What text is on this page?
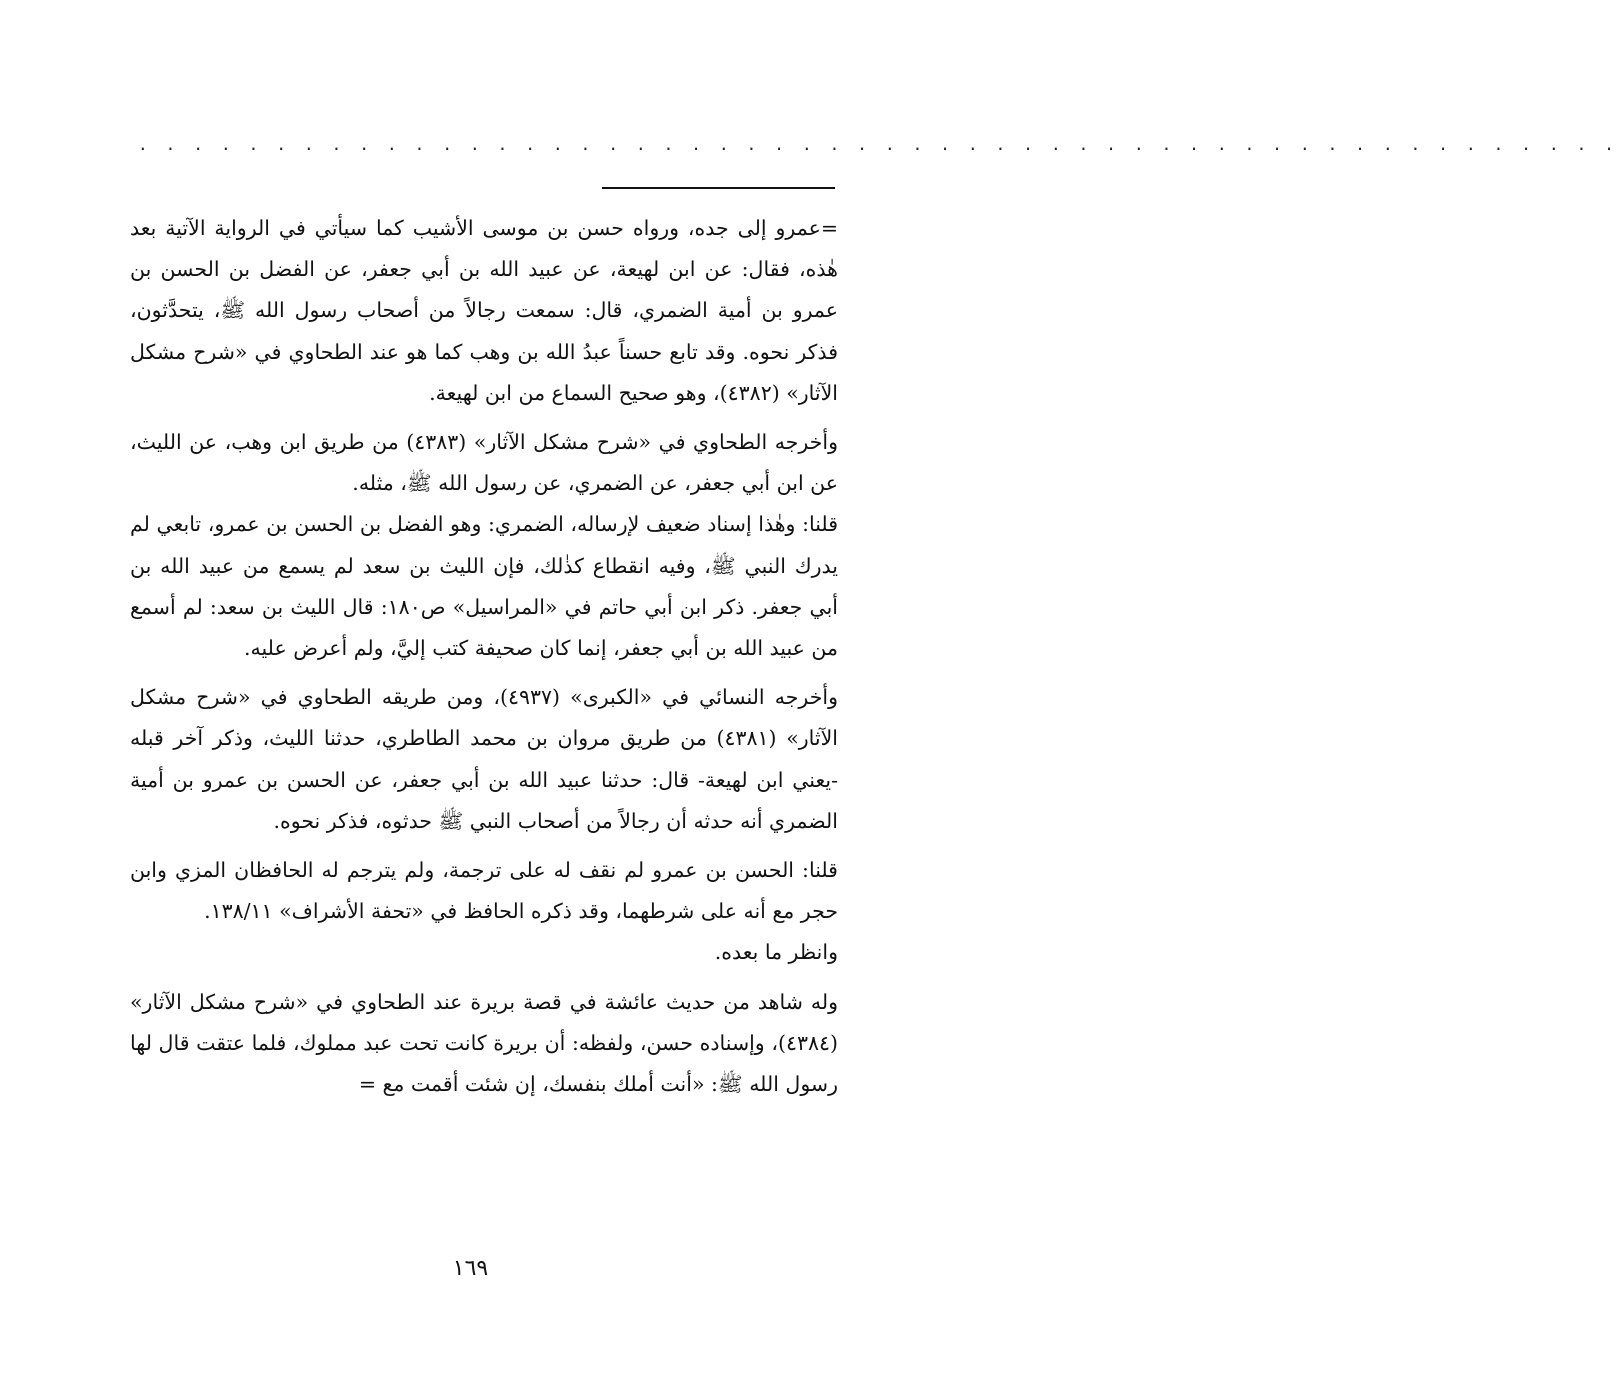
. . . . . . . . . . . . . . . . . . . . . . . . . . . . . . . . . . . . . . . . . . . . . . . . . . . . . .

=عمرو إلى جده، ورواه حسن بن موسى الأشيب كما سيأتي في الرواية الآتية بعد هٰذه، فقال: عن ابن لهيعة، عن عبيد الله بن أبي جعفر، عن الفضل بن الحسن بن عمرو بن أمية الضمري، قال: سمعت رجالاً من أصحاب رسول الله ﷺ، يتحدَّثون، فذكر نحوه. وقد تابع حسناً عبدُ الله بن وهب كما هو عند الطحاوي في «شرح مشكل الآثار» (٤٣٨٢)، وهو صحيح السماع من ابن لهيعة.

وأخرجه الطحاوي في «شرح مشكل الآثار» (٤٣٨٣) من طريق ابن وهب، عن الليث، عن ابن أبي جعفر، عن الضمري، عن رسول الله ﷺ، مثله.

قلنا: وهٰذا إسناد ضعيف لإرساله، الضمري: وهو الفضل بن الحسن بن عمرو، تابعي لم يدرك النبي ﷺ، وفيه انقطاع كذٰلك، فإن الليث بن سعد لم يسمع من عبيد الله بن أبي جعفر. ذكر ابن أبي حاتم في «المراسيل» ص١٨٠: قال الليث بن سعد: لم أسمع من عبيد الله بن أبي جعفر، إنما كان صحيفة كتب إليَّ، ولم أعرض عليه.

وأخرجه النسائي في «الكبرى» (٤٩٣٧)، ومن طريقه الطحاوي في «شرح مشكل الآثار» (٤٣٨١) من طريق مروان بن محمد الطاطري، حدثنا الليث، وذكر آخر قبله -يعني ابن لهيعة- قال: حدثنا عبيد الله بن أبي جعفر، عن الحسن بن عمرو بن أمية الضمري أنه حدثه أن رجالاً من أصحاب النبي ﷺ حدثوه، فذكر نحوه.

قلنا: الحسن بن عمرو لم نقف له على ترجمة، ولم يترجم له الحافظان المزي وابن حجر مع أنه على شرطهما، وقد ذكره الحافظ في «تحفة الأشراف» ١٣٨/١١.

وانظر ما بعده.

وله شاهد من حديث عائشة في قصة بريرة عند الطحاوي في «شرح مشكل الآثار» (٤٣٨٤)، وإسناده حسن، ولفظه: أن بريرة كانت تحت عبد مملوك، فلما عتقت قال لها رسول الله ﷺ: «أنت أملك بنفسك، إن شئت أقمت مع =

١٦٩
